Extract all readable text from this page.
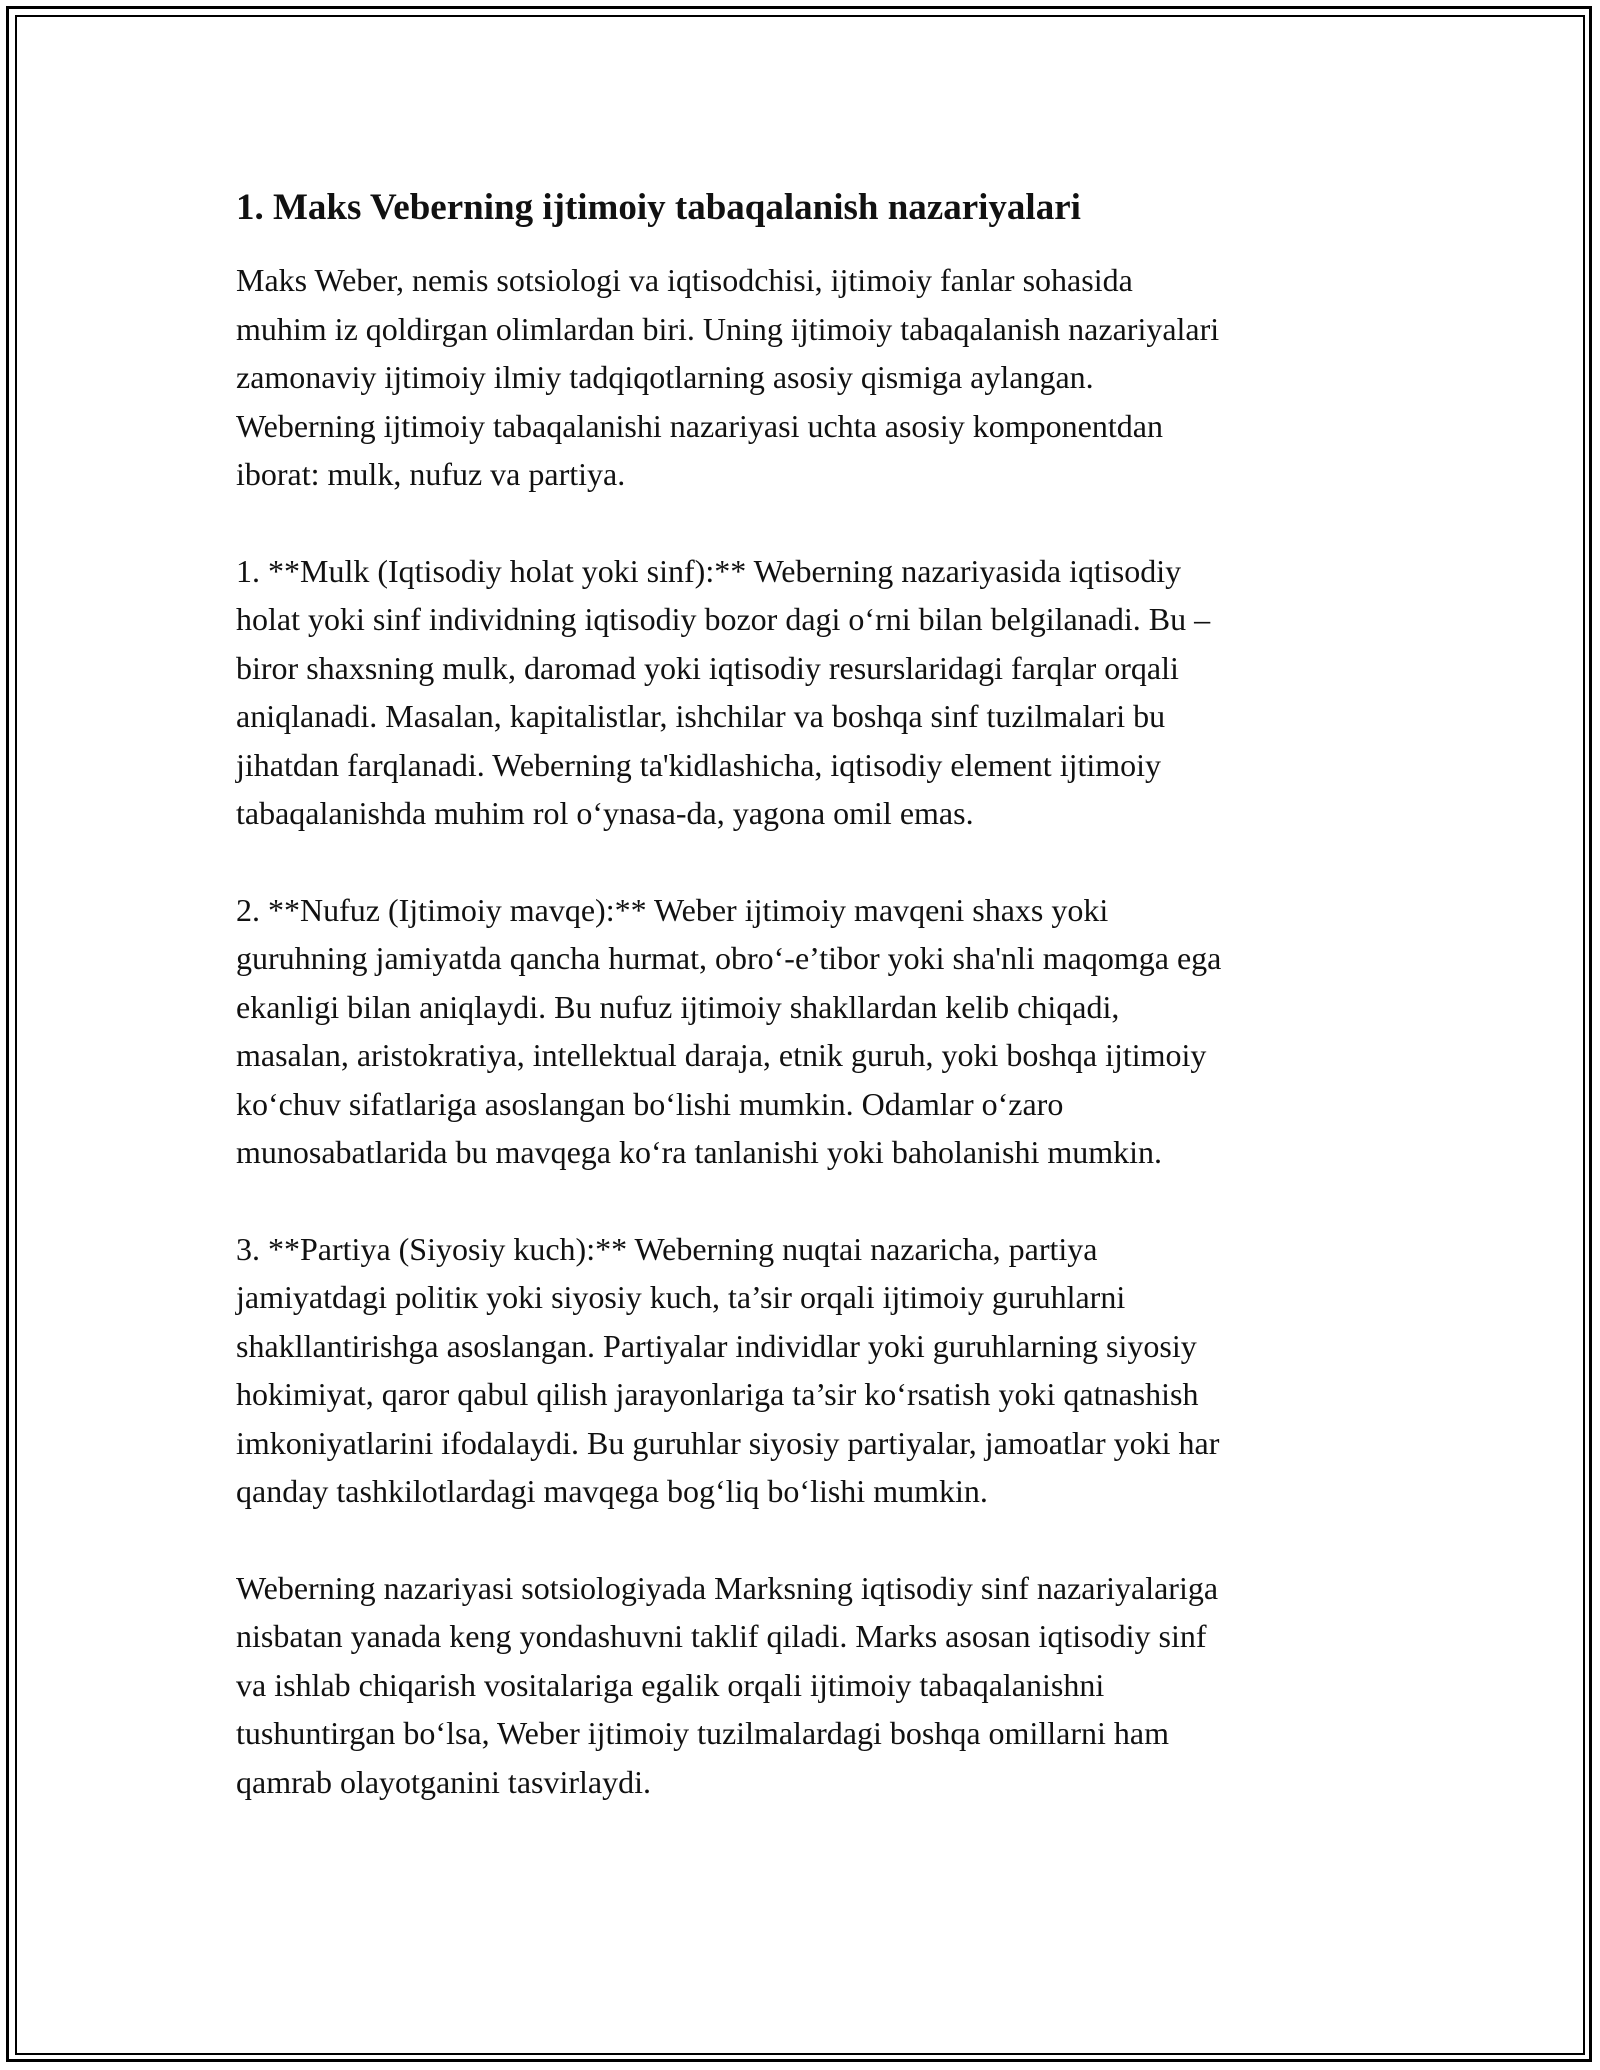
1. Maks Veberning ijtimoiy tabaqalanish nazariyalari

Maks Weber, nemis sotsiologi va iqtisodchisi, ijtimoiy fanlar sohasida
muhim iz qoldirgan olimlardan biri. Uning ijtimoiy tabaqalanish nazariyalari
zamonaviy ijtimoiy ilmiy tadqiqotlarning asosiy qismiga aylangan.
Weberning ijtimoiy tabaqalanishi nazariyasi uchta asosiy komponentdan
iborat: mulk, nufuz va partiya.

1. **Mulk (Iqtisodiy holat yoki sinf):** Weberning nazariyasida iqtisodiy
holat yoki sinf individning iqtisodiy bozor dagi oʻrni bilan belgilanadi. Bu –
biror shaxsning mulk, daromad yoki iqtisodiy resurslaridagi farqlar orqali
aniqlanadi. Masalan, kapitalistlar, ishchilar va boshqa sinf tuzilmalari bu
jihatdan farqlanadi. Weberning ta'kidlashicha, iqtisodiy element ijtimoiy
tabaqalanishda muhim rol oʻynasa-da, yagona omil emas.

2. **Nufuz (Ijtimoiy mavqe):** Weber ijtimoiy mavqeni shaxs yoki
guruhning jamiyatda qancha hurmat, obroʻ-e’tibor yoki sha'nli maqomga ega
ekanligi bilan aniqlaydi. Bu nufuz ijtimoiy shakllardan kelib chiqadi,
masalan, aristokratiya, intellektual daraja, etnik guruh, yoki boshqa ijtimoiy
koʻchuv sifatlariga asoslangan boʻlishi mumkin. Odamlar oʻzaro
munosabatlarida bu mavqega koʻra tanlanishi yoki baholanishi mumkin.

3. **Partiya (Siyosiy kuch):** Weberning nuqtai nazaricha, partiya
jamiyatdagi politiк yoki siyosiy kuch, ta’sir orqali ijtimoiy guruhlarni
shakllantirishga asoslangan. Partiyalar individlar yoki guruhlarning siyosiy
hokimiyat, qaror qabul qilish jarayonlariga ta’sir koʻrsatish yoki qatnashish
imkoniyatlarini ifodalaydi. Bu guruhlar siyosiy partiyalar, jamoatlar yoki har
qanday tashkilotlardagi mavqega bogʻliq boʻlishi mumkin.

Weberning nazariyasi sotsiologiyada Marksning iqtisodiy sinf nazariyalariga
nisbatan yanada keng yondashuvni taklif qiladi. Marks asosan iqtisodiy sinf
va ishlab chiqarish vositalariga egalik orqali ijtimoiy tabaqalanishni
tushuntirgan boʻlsa, Weber ijtimoiy tuzilmalardagi boshqa omillarni ham
qamrab olayotganini tasvirlaydi.
